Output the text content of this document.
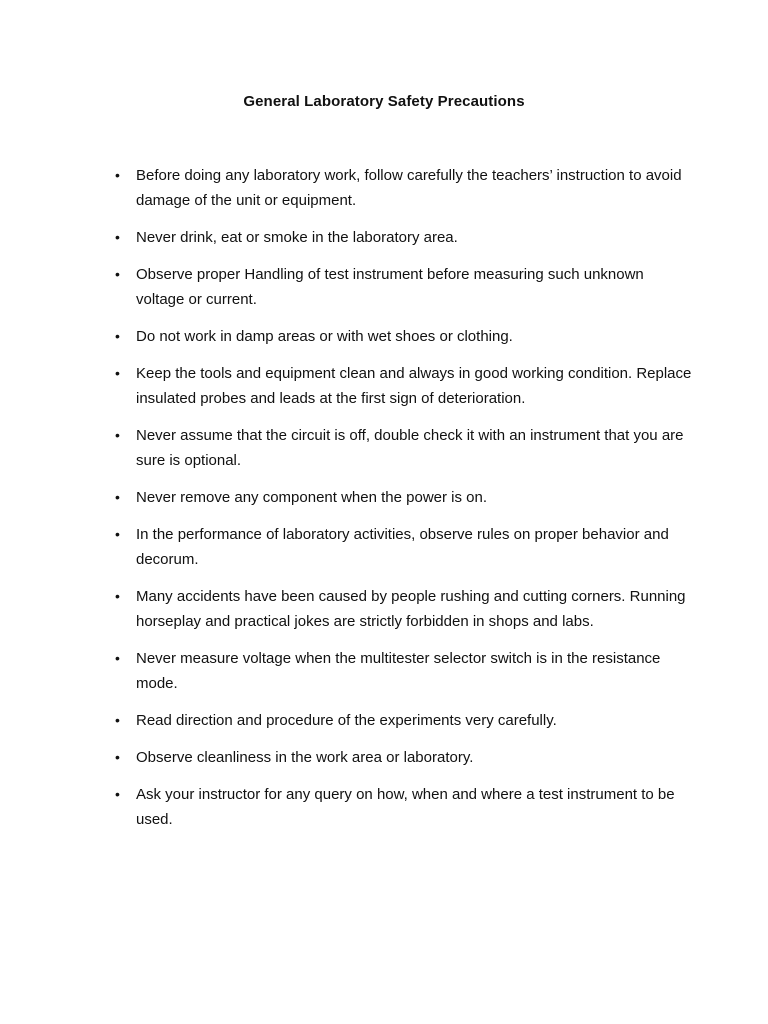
General Laboratory Safety Precautions
• Before doing any laboratory work, follow carefully the teachers’ instruction to avoid damage of the unit or equipment.
• Never drink, eat or smoke in the laboratory area.
• Observe proper Handling of test instrument before measuring such unknown voltage or current.
• Do not work in damp areas or with wet shoes or clothing.
• Keep the tools and equipment clean and always in good working condition. Replace insulated probes and leads at the first sign of deterioration.
• Never assume that the circuit is off, double check it with an instrument that you are sure is optional.
• Never remove any component when the power is on.
• In the performance of laboratory activities, observe rules on proper behavior and decorum.
• Many accidents have been caused by people rushing and cutting corners. Running horseplay and practical jokes are strictly forbidden in shops and labs.
• Never measure voltage when the multitester selector switch is in the resistance mode.
• Read direction and procedure of the experiments very carefully.
• Observe cleanliness in the work area or laboratory.
• Ask your instructor for any query on how, when and where a test instrument to be used.
